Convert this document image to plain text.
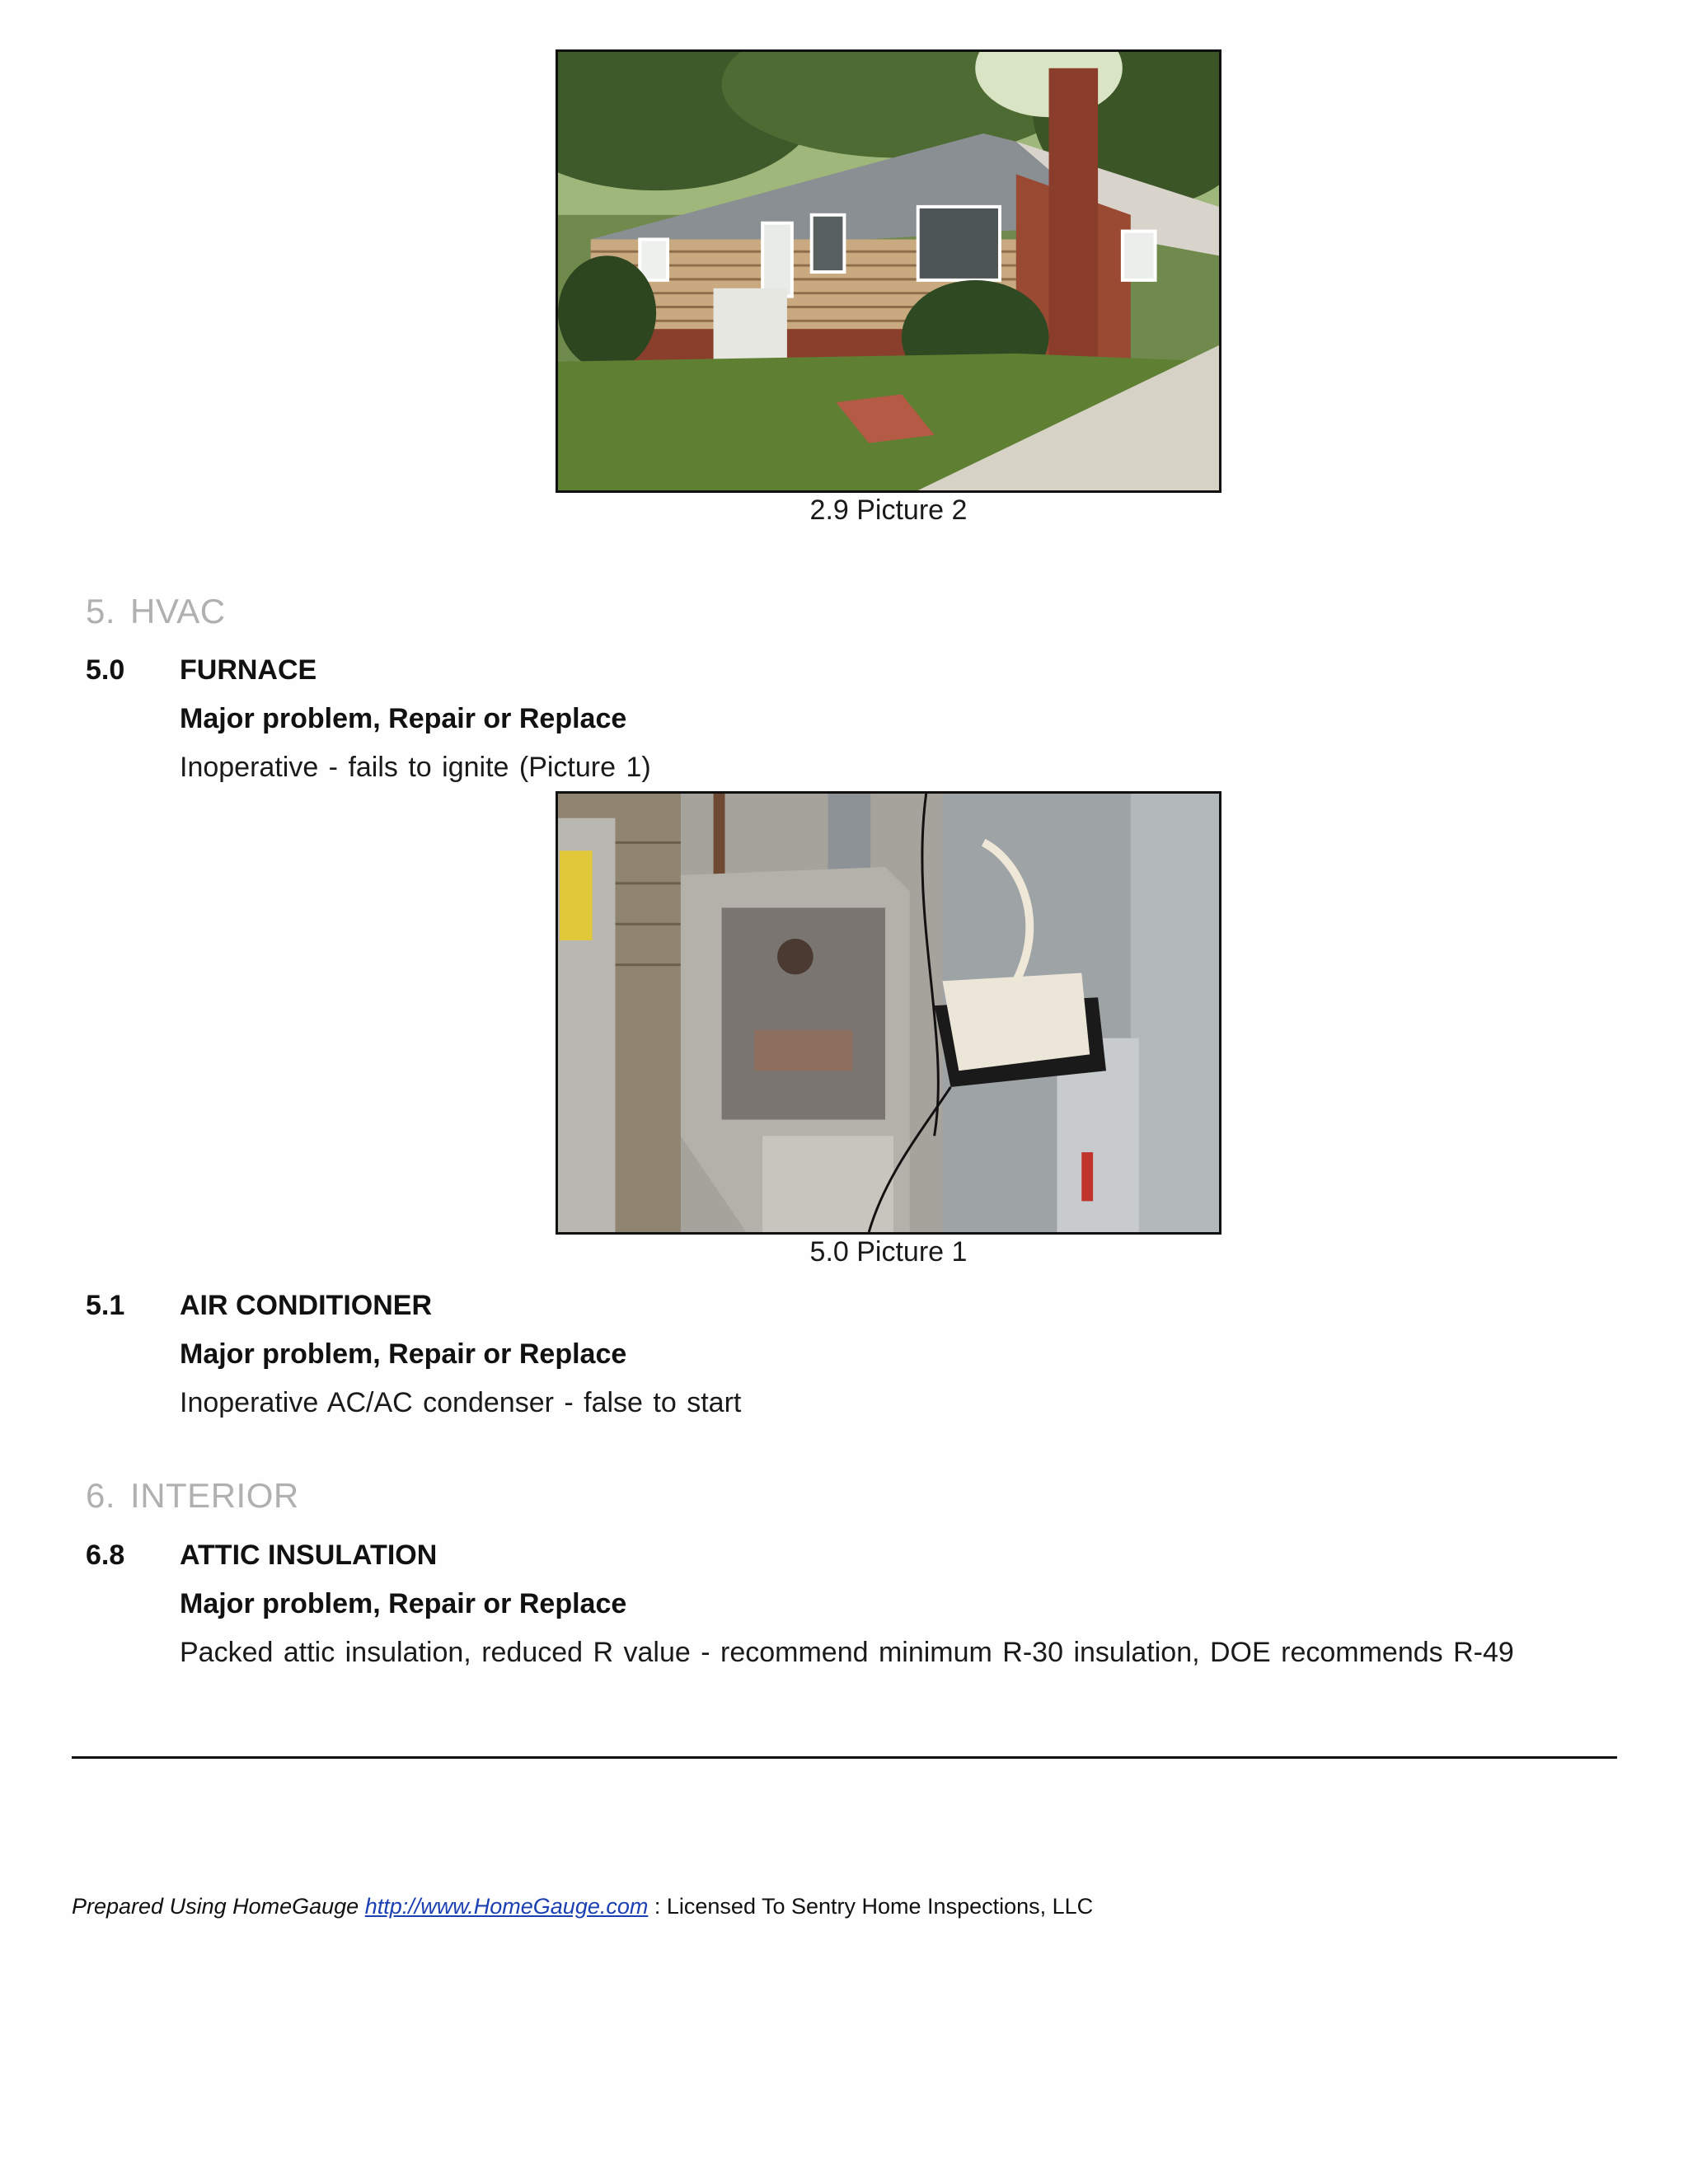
2.9 Picture 2
5. HVAC
5.0 FURNACE
Major problem, Repair or Replace
Inoperative - fails to ignite (Picture 1)
5.0 Picture 1
5.1 AIR CONDITIONER
Major problem, Repair or Replace
Inoperative AC/AC condenser - false to start
6. INTERIOR
6.8 ATTIC INSULATION
Major problem, Repair or Replace
Packed attic insulation, reduced R value - recommend minimum R-30 insulation, DOE recommends R-49
Prepared Using HomeGauge http://www.HomeGauge.com : Licensed To Sentry Home Inspections, LLC
